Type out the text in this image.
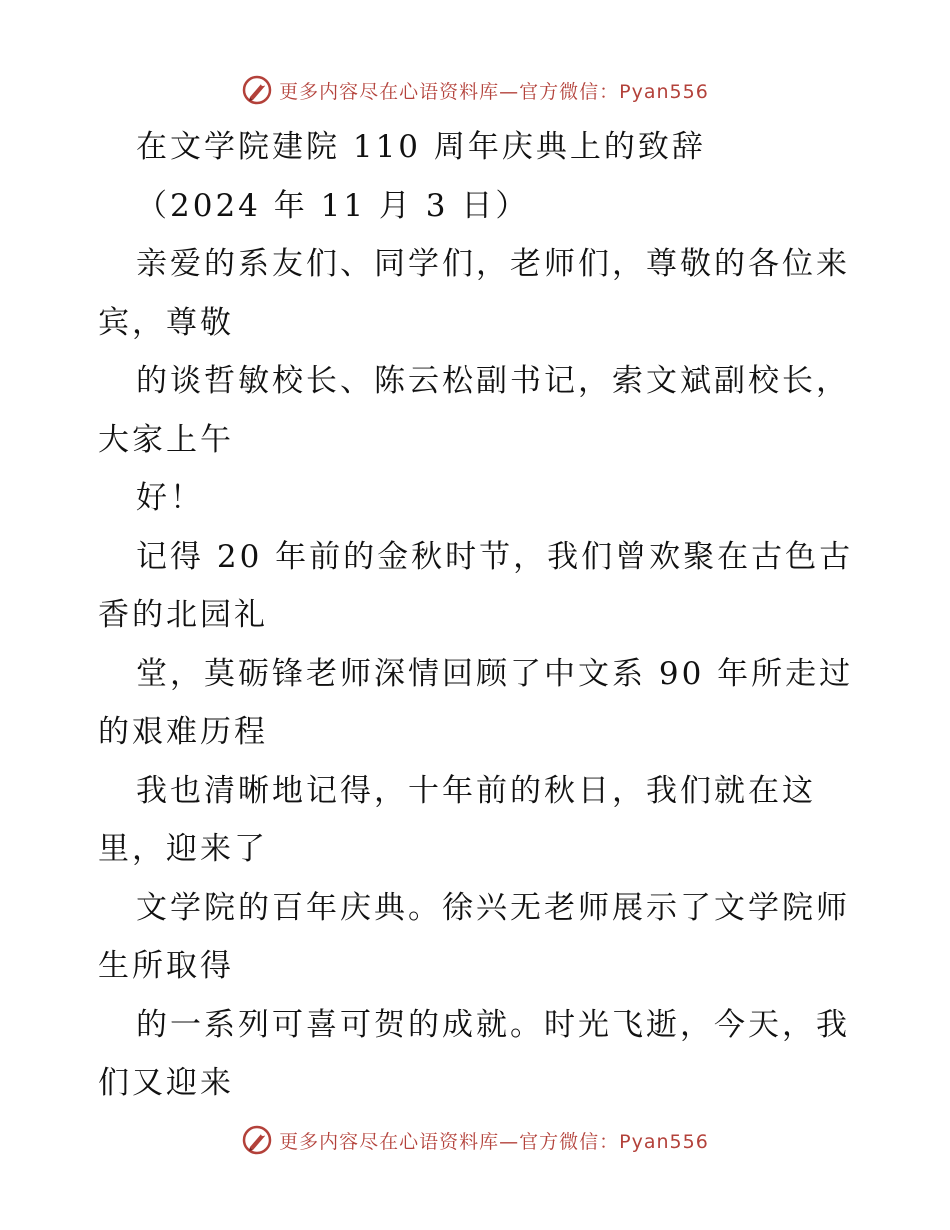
更多内容尽在心语资料库—官方微信：Pyan556
在文学院建院 110 周年庆典上的致辞
（2024 年 11 月 3 日）
亲爱的系友们、同学们，老师们，尊敬的各位来
宾，尊敬
的谈哲敏校长、陈云松副书记，索文斌副校长，
大家上午
好！
记得 20 年前的金秋时节，我们曾欢聚在古色古
香的北园礼
堂，莫砺锋老师深情回顾了中文系 90 年所走过
的艰难历程
我也清晰地记得，十年前的秋日，我们就在这
里，迎来了
文学院的百年庆典。徐兴无老师展示了文学院师
生所取得
的一系列可喜可贺的成就。时光飞逝，今天，我
们又迎来
更多内容尽在心语资料库—官方微信：Pyan556
